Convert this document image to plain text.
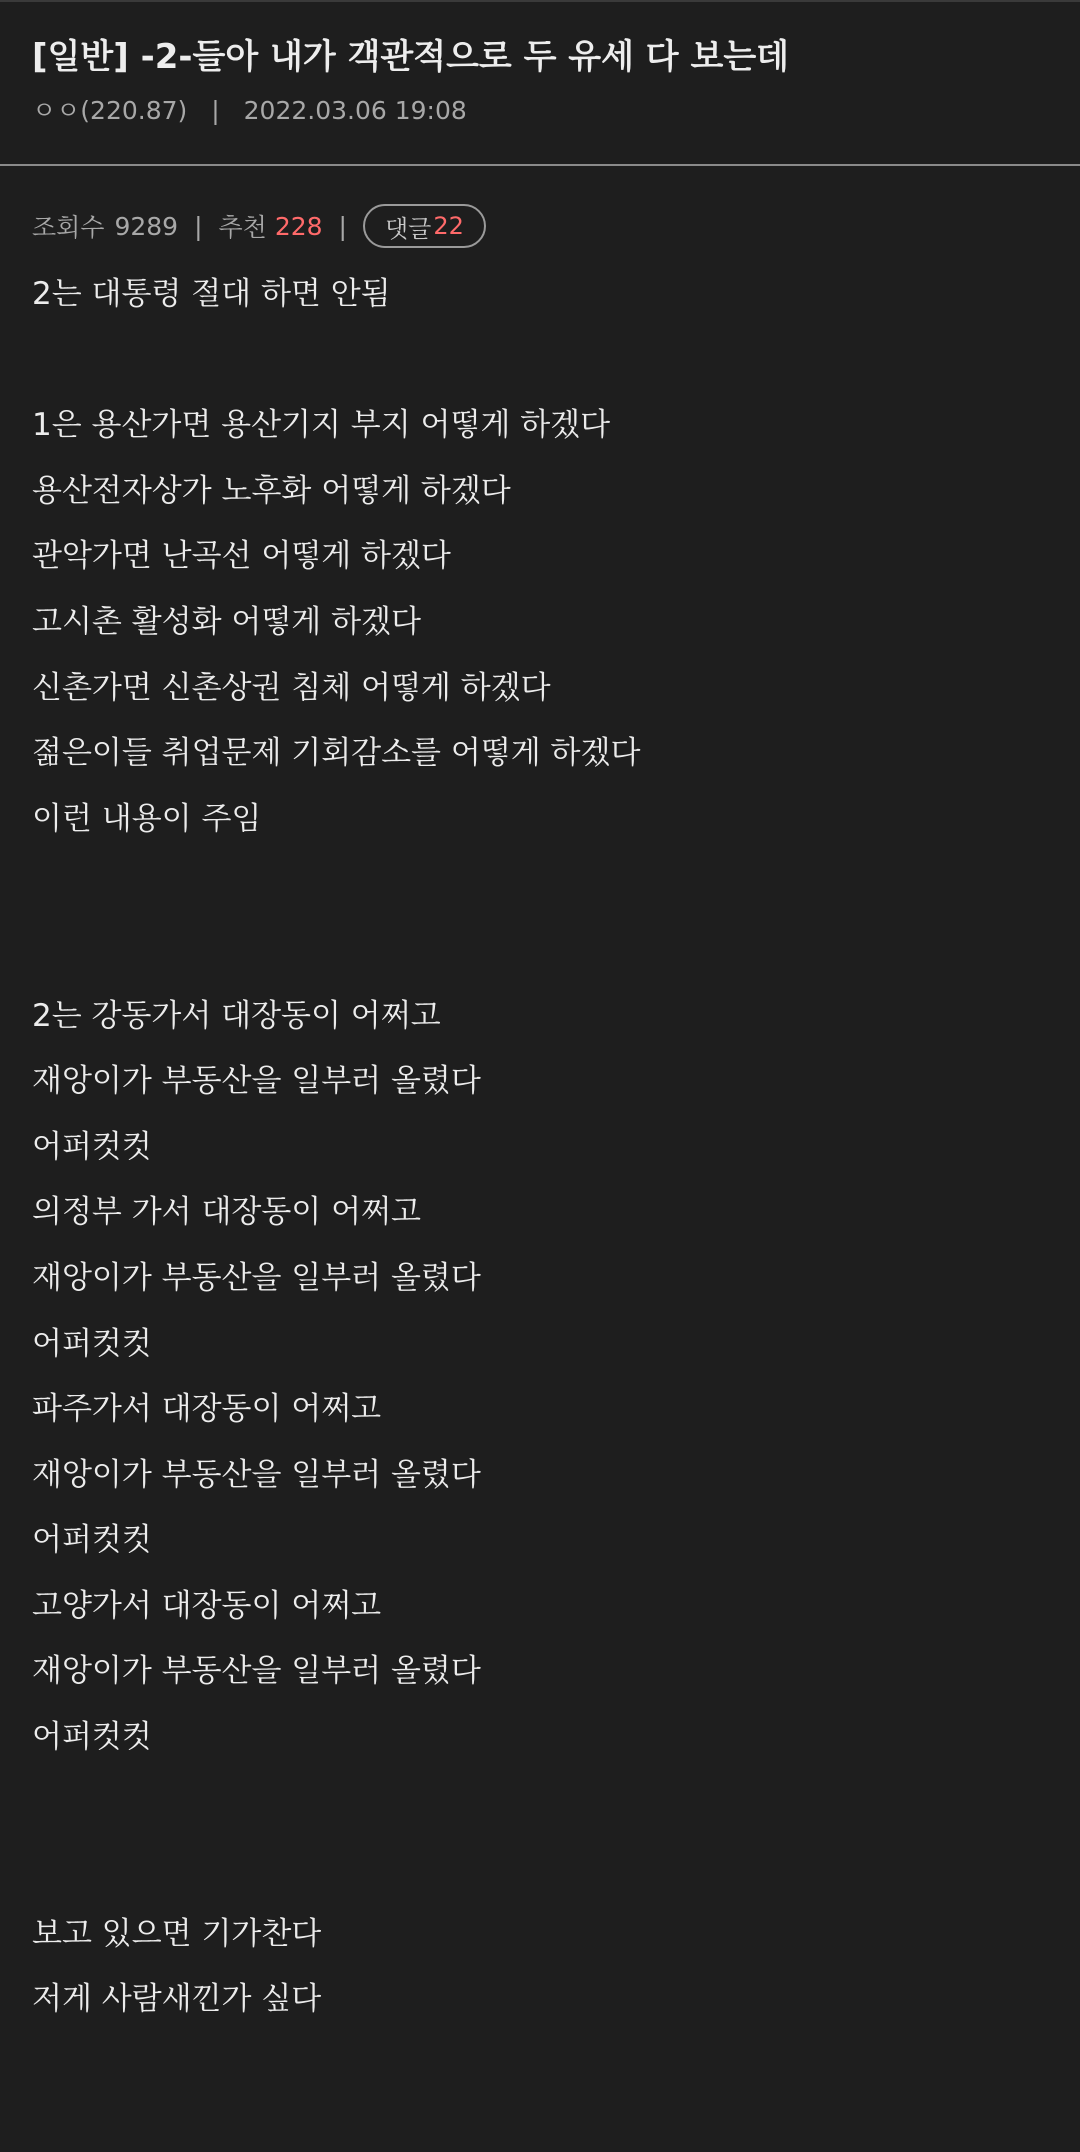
[일반] -2-들아 내가 객관적으로 두 유세 다 보는데
ㅇㅇ(220.87) | 2022.03.06 19:08
조회수 9289 | 추천 228 | 댓글 22
2는 대통령 절대 하면 안됨
1은 용산가면 용산기지 부지 어떻게 하겠다
용산전자상가 노후화 어떻게 하겠다
관악가면 난곡선 어떻게 하겠다
고시촌 활성화 어떻게 하겠다
신촌가면 신촌상권 침체 어떻게 하겠다
젊은이들 취업문제 기회감소를 어떻게 하겠다
이런 내용이 주임
2는 강동가서 대장동이 어쩌고
재앙이가 부동산을 일부러 올렸다
어퍼컷컷
의정부 가서 대장동이 어쩌고
재앙이가 부동산을 일부러 올렸다
어퍼컷컷
파주가서 대장동이 어쩌고
재앙이가 부동산을 일부러 올렸다
어퍼컷컷
고양가서 대장동이 어쩌고
재앙이가 부동산을 일부러 올렸다
어퍼컷컷
보고 있으면 기가찬다
저게 사람새낀가 싶다
